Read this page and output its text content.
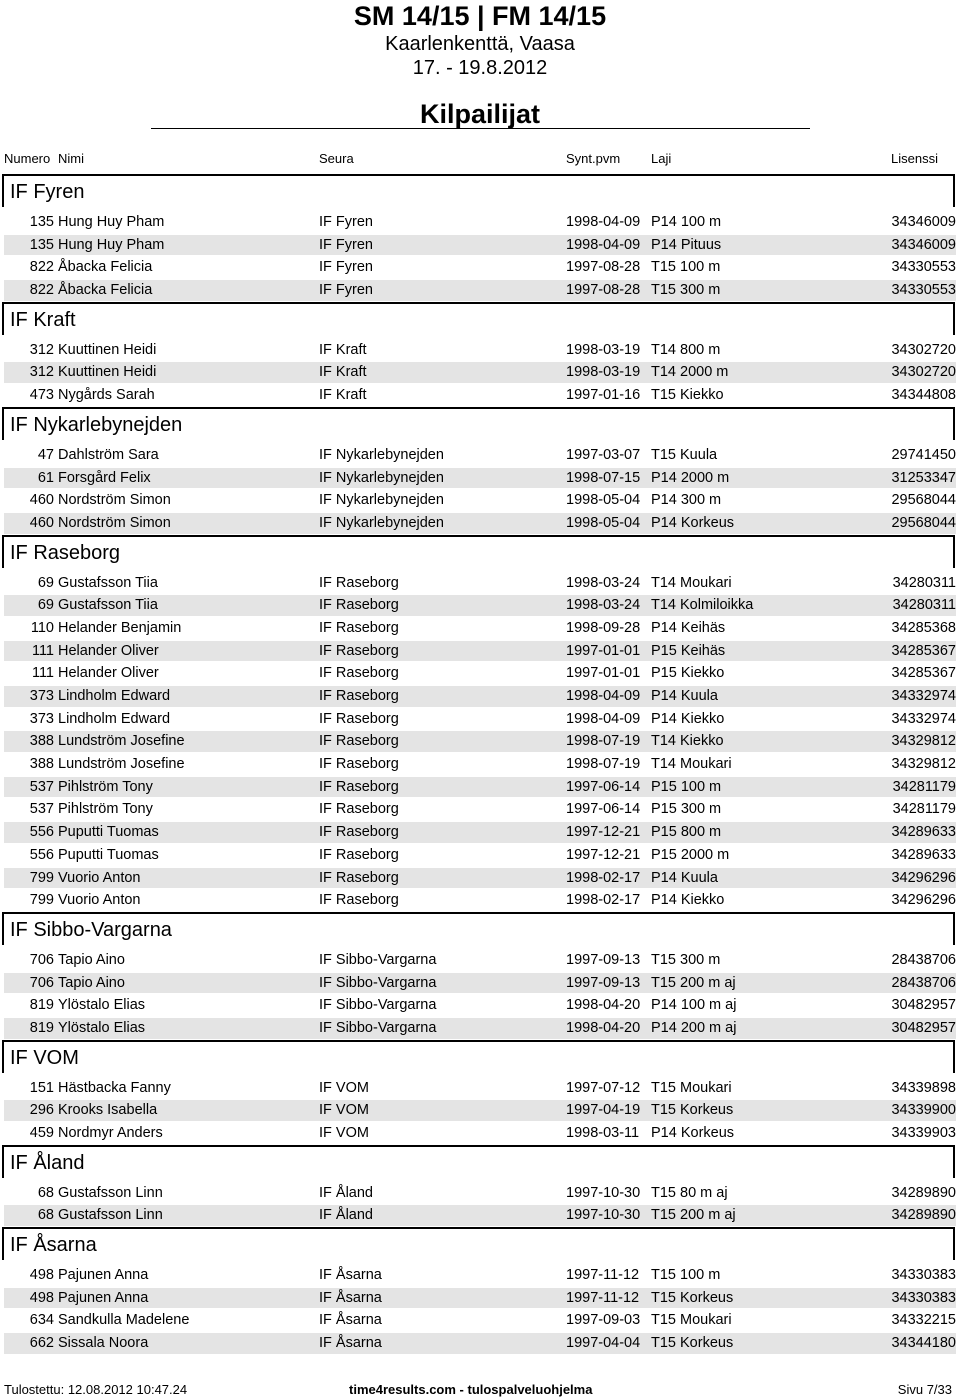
SM 14/15 | FM 14/15
Kaarlenkenttä, Vaasa
17. - 19.8.2012
Kilpailijat
Numero Nimi	Seura	Synt.pvm Laji	Lisenssi
IF Fyren
135 Hung Huy Pham	IF Fyren	1998-04-09 P14 100 m	34346009
135 Hung Huy Pham	IF Fyren	1998-04-09 P14 Pituus	34346009
822 Åbacka Felicia	IF Fyren	1997-08-28 T15 100 m	34330553
822 Åbacka Felicia	IF Fyren	1997-08-28 T15 300 m	34330553
IF Kraft
312 Kuuttinen Heidi	IF Kraft	1998-03-19 T14 800 m	34302720
312 Kuuttinen Heidi	IF Kraft	1998-03-19 T14 2000 m	34302720
473 Nygårds Sarah	IF Kraft	1997-01-16 T15 Kiekko	34344808
IF Nykarlebynejden
47 Dahlström Sara	IF Nykarlebynejden	1997-03-07 T15 Kuula	29741450
61 Forsgård Felix	IF Nykarlebynejden	1998-07-15 P14 2000 m	31253347
460 Nordström Simon	IF Nykarlebynejden	1998-05-04 P14 300 m	29568044
460 Nordström Simon	IF Nykarlebynejden	1998-05-04 P14 Korkeus	29568044
IF Raseborg
69 Gustafsson Tiia	IF Raseborg	1998-03-24 T14 Moukari	34280311
69 Gustafsson Tiia	IF Raseborg	1998-03-24 T14 Kolmiloikka	34280311
110 Helander Benjamin	IF Raseborg	1998-09-28 P14 Keihäs	34285368
111 Helander Oliver	IF Raseborg	1997-01-01 P15 Keihäs	34285367
111 Helander Oliver	IF Raseborg	1997-01-01 P15 Kiekko	34285367
373 Lindholm Edward	IF Raseborg	1998-04-09 P14 Kuula	34332974
373 Lindholm Edward	IF Raseborg	1998-04-09 P14 Kiekko	34332974
388 Lundström Josefine	IF Raseborg	1998-07-19 T14 Kiekko	34329812
388 Lundström Josefine	IF Raseborg	1998-07-19 T14 Moukari	34329812
537 Pihlström Tony	IF Raseborg	1997-06-14 P15 100 m	34281179
537 Pihlström Tony	IF Raseborg	1997-06-14 P15 300 m	34281179
556 Puputti Tuomas	IF Raseborg	1997-12-21 P15 800 m	34289633
556 Puputti Tuomas	IF Raseborg	1997-12-21 P15 2000 m	34289633
799 Vuorio Anton	IF Raseborg	1998-02-17 P14 Kuula	34296296
799 Vuorio Anton	IF Raseborg	1998-02-17 P14 Kiekko	34296296
IF Sibbo-Vargarna
706 Tapio Aino	IF Sibbo-Vargarna	1997-09-13 T15 300 m	28438706
706 Tapio Aino	IF Sibbo-Vargarna	1997-09-13 T15 200 m aj	28438706
819 Ylöstalo Elias	IF Sibbo-Vargarna	1998-04-20 P14 100 m aj	30482957
819 Ylöstalo Elias	IF Sibbo-Vargarna	1998-04-20 P14 200 m aj	30482957
IF VOM
151 Hästbacka Fanny	IF VOM	1997-07-12 T15 Moukari	34339898
296 Krooks Isabella	IF VOM	1997-04-19 T15 Korkeus	34339900
459 Nordmyr Anders	IF VOM	1998-03-11 P14 Korkeus	34339903
IF Åland
68 Gustafsson Linn	IF Åland	1997-10-30 T15 80 m aj	34289890
68 Gustafsson Linn	IF Åland	1997-10-30 T15 200 m aj	34289890
IF Åsarna
498 Pajunen Anna	IF Åsarna	1997-11-12 T15 100 m	34330383
498 Pajunen Anna	IF Åsarna	1997-11-12 T15 Korkeus	34330383
634 Sandkulla Madelene	IF Åsarna	1997-09-03 T15 Moukari	34332215
662 Sissala Noora	IF Åsarna	1997-04-04 T15 Korkeus	34344180
Tulostettu: 12.08.2012 10:47.24	time4results.com - tulospalveluohjelma	Sivu 7/33
